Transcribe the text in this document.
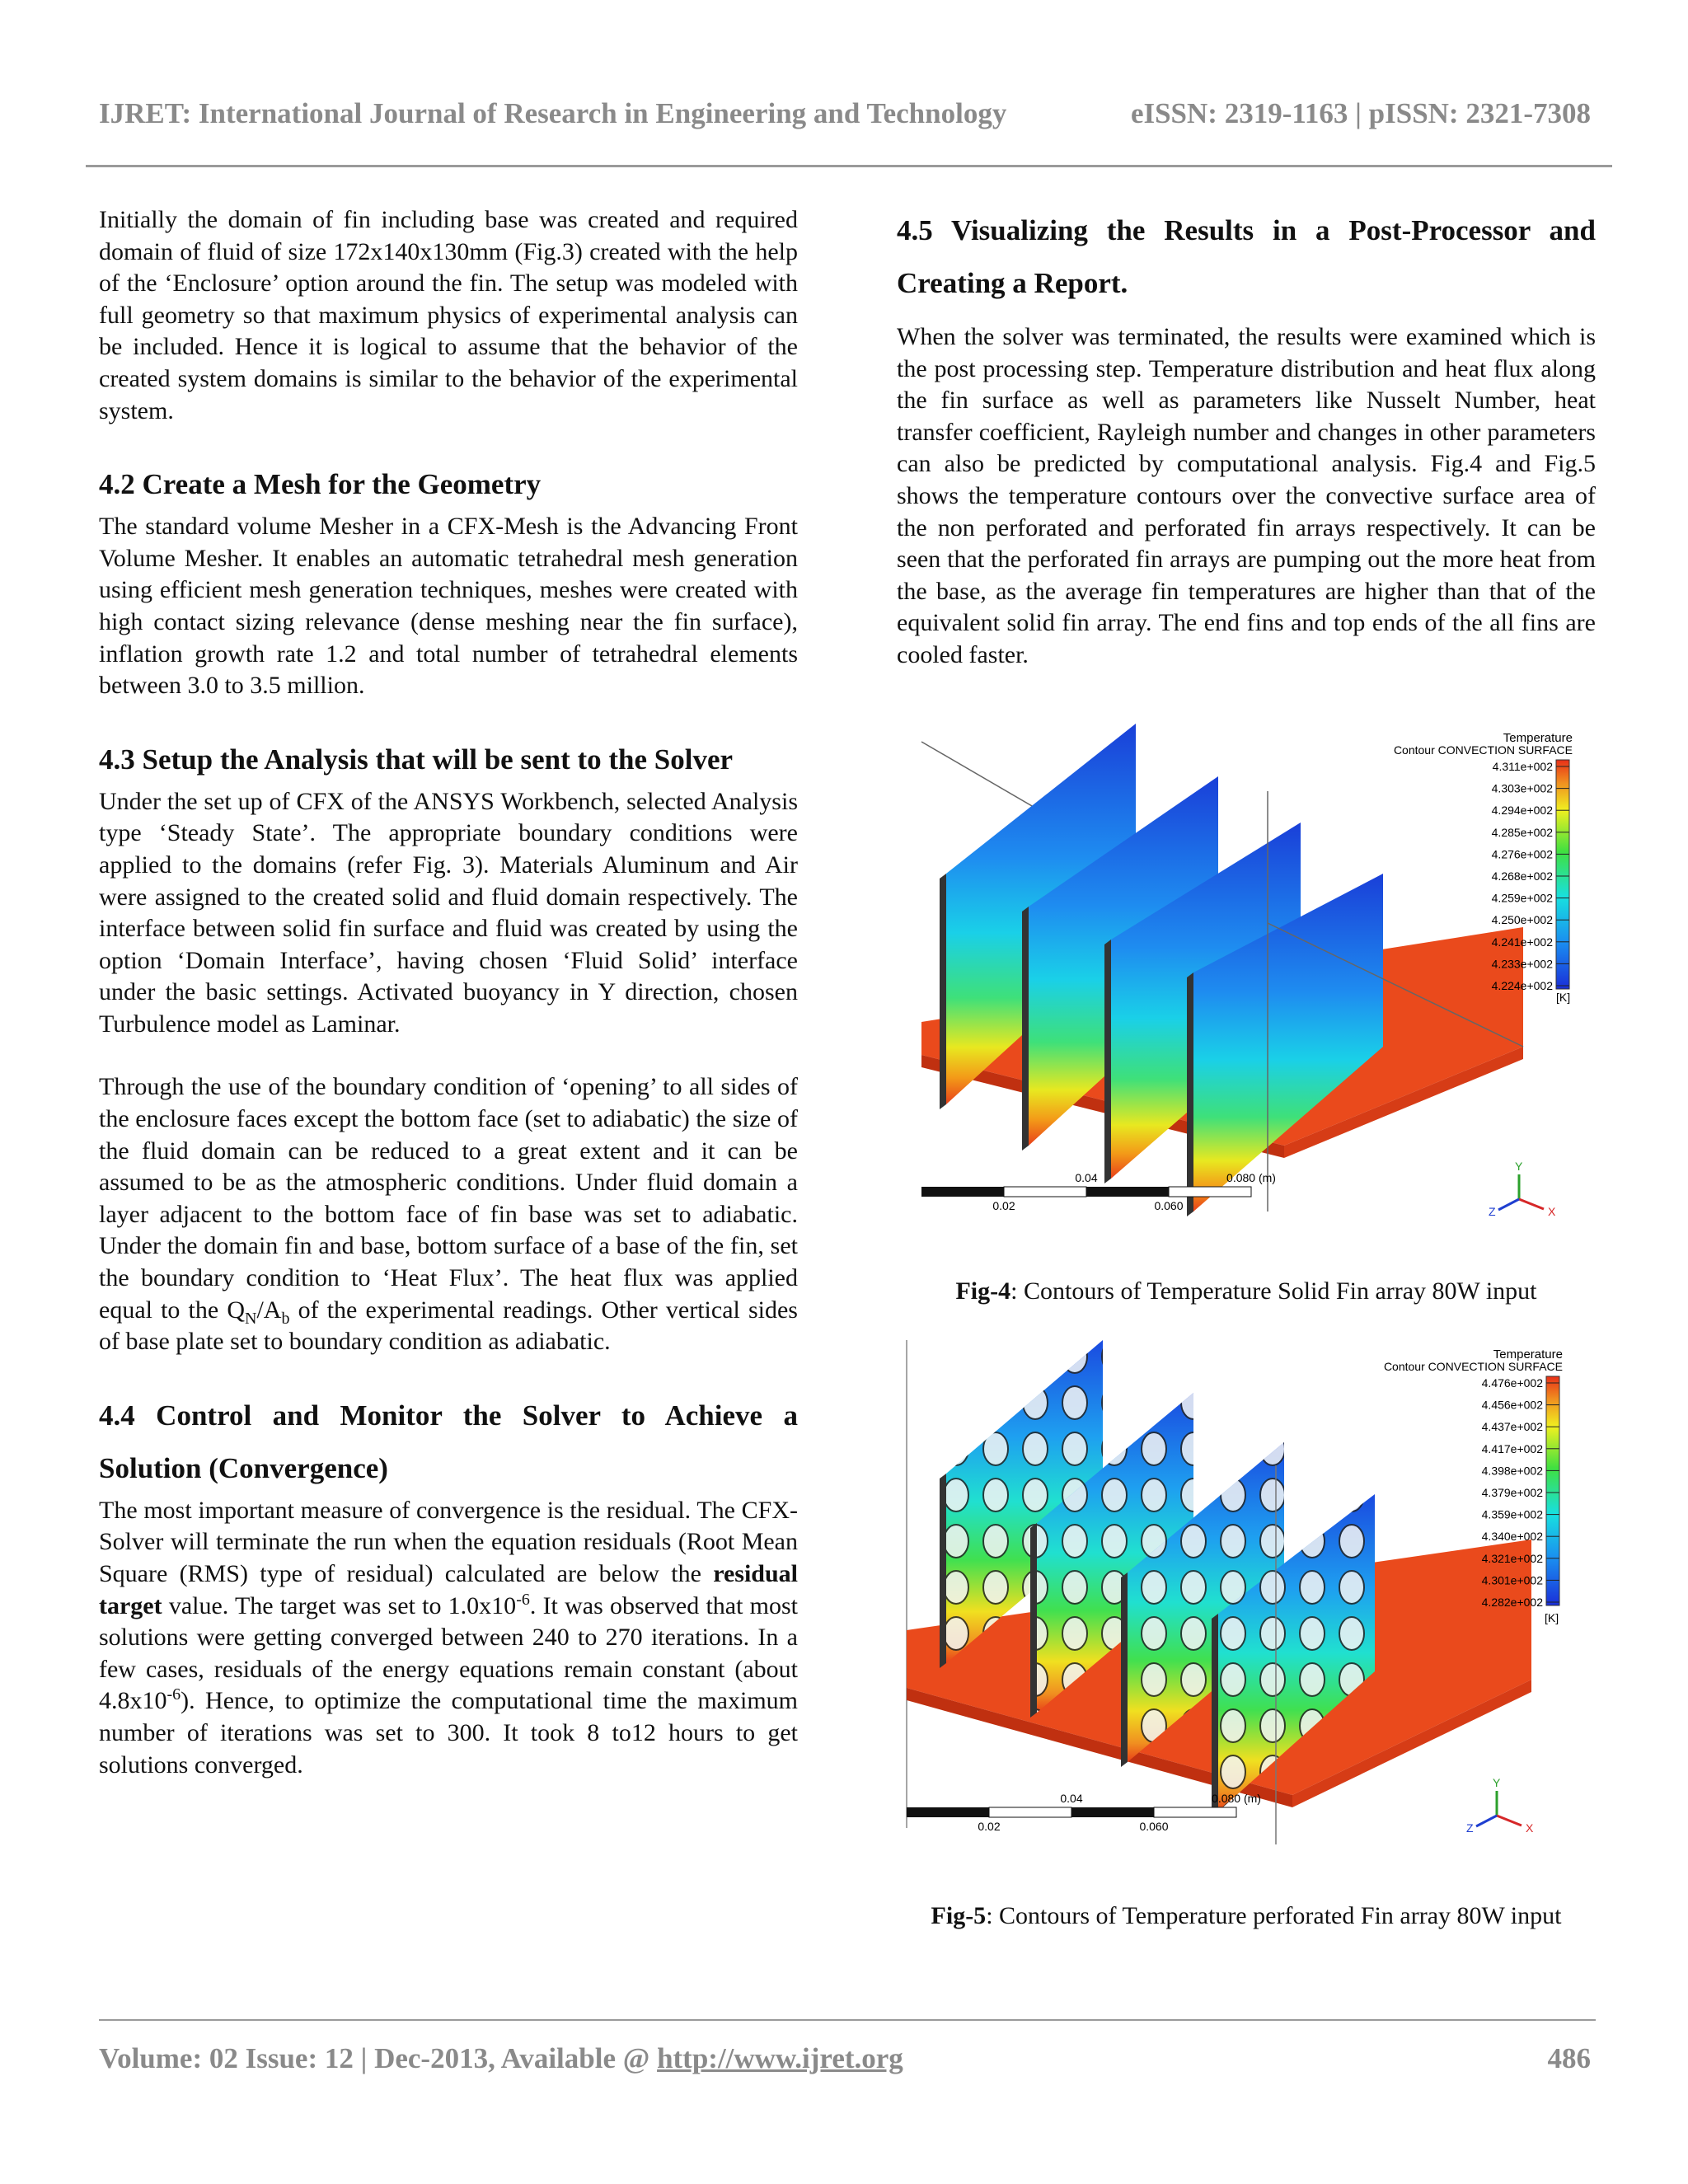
IJRET: International Journal of Research in Engineering and Technology	eISSN: 2319-1163 | pISSN: 2321-7308

Initially the domain of fin including base was created and required domain of fluid of size 172x140x130mm (Fig.3) created with the help of the ‘Enclosure’ option around the fin. The setup was modeled with full geometry so that maximum physics of experimental analysis can be included. Hence it is logical to assume that the behavior of the created system domains is similar to the behavior of the experimental system.

4.2 Create a Mesh for the Geometry

The standard volume Mesher in a CFX-Mesh is the Advancing Front Volume Mesher. It enables an automatic tetrahedral mesh generation using efficient mesh generation techniques, meshes were created with high contact sizing relevance (dense meshing near the fin surface), inflation growth rate 1.2 and total number of tetrahedral elements between 3.0 to 3.5 million.

4.3 Setup the Analysis that will be sent to the Solver

Under the set up of CFX of the ANSYS Workbench, selected Analysis type ‘Steady State’. The appropriate boundary conditions were applied to the domains (refer Fig. 3). Materials Aluminum and Air were assigned to the created solid and fluid domain respectively. The interface between solid fin surface and fluid was created by using the option ‘Domain Interface’, having chosen ‘Fluid Solid’ interface under the basic settings. Activated buoyancy in Y direction, chosen Turbulence model as Laminar.

Through the use of the boundary condition of ‘opening’ to all sides of the enclosure faces except the bottom face (set to adiabatic) the size of the fluid domain can be reduced to a great extent and it can be assumed to be as the atmospheric conditions. Under fluid domain a layer adjacent to the bottom face of fin base was set to adiabatic. Under the domain fin and base, bottom surface of a base of the fin, set the boundary condition to ‘Heat Flux’. The heat flux was applied equal to the $Q_N/A_b$ of the experimental readings. Other vertical sides of base plate set to boundary condition as adiabatic.

4.4 Control and Monitor the Solver to Achieve a
Solution (Convergence)

The most important measure of convergence is the residual. The CFX-Solver will terminate the run when the equation residuals (Root Mean Square (RMS) type of residual) calculated are below the residual target value. The target was set to $1.0x10^{-6}$. It was observed that most solutions were getting converged between 240 to 270 iterations. In a few cases, residuals of the energy equations remain constant (about $4.8x10^{-6}$). Hence, to optimize the computational time the maximum number of iterations was set to 300. It took 8 to12 hours to get solutions converged.

4.5 Visualizing the Results in a Post-Processor and
Creating a Report.

When the solver was terminated, the results were examined which is the post processing step. Temperature distribution and heat flux along the fin surface as well as parameters like Nusselt Number, heat transfer coefficient, Rayleigh number and changes in other parameters can also be predicted by computational analysis. Fig.4 and Fig.5 shows the temperature contours over the convective surface area of the non perforated and perforated fin arrays respectively. It can be seen that the perforated fin arrays are pumping out the more heat from the base, as the average fin temperatures are higher than that of the equivalent solid fin array. The end fins and top ends of the all fins are cooled faster.

Temperature
Contour CONVECTION SURFACE
4.311e+002
4.303e+002
4.294e+002
4.285e+002
4.276e+002
4.268e+002
4.259e+002
4.250e+002
4.241e+002
4.233e+002
4.224e+002
[K]
0.04	0.080 (m)
0.02	0.060
Y
Z	X
Fig-4: Contours of Temperature Solid Fin array 80W input
Temperature
Contour CONVECTION SURFACE
4.476e+002
4.456e+002
4.437e+002
4.417e+002
4.398e+002
4.379e+002
4.359e+002
4.340e+002
4.321e+002
4.301e+002
4.282e+002
[K]
0.04	0.080 (m)
0.02	0.060
Y
Z	X
Fig-5: Contours of Temperature perforated Fin array 80W input
Volume: 02 Issue: 12 | Dec-2013, Available @ http://www.ijret.org	486
